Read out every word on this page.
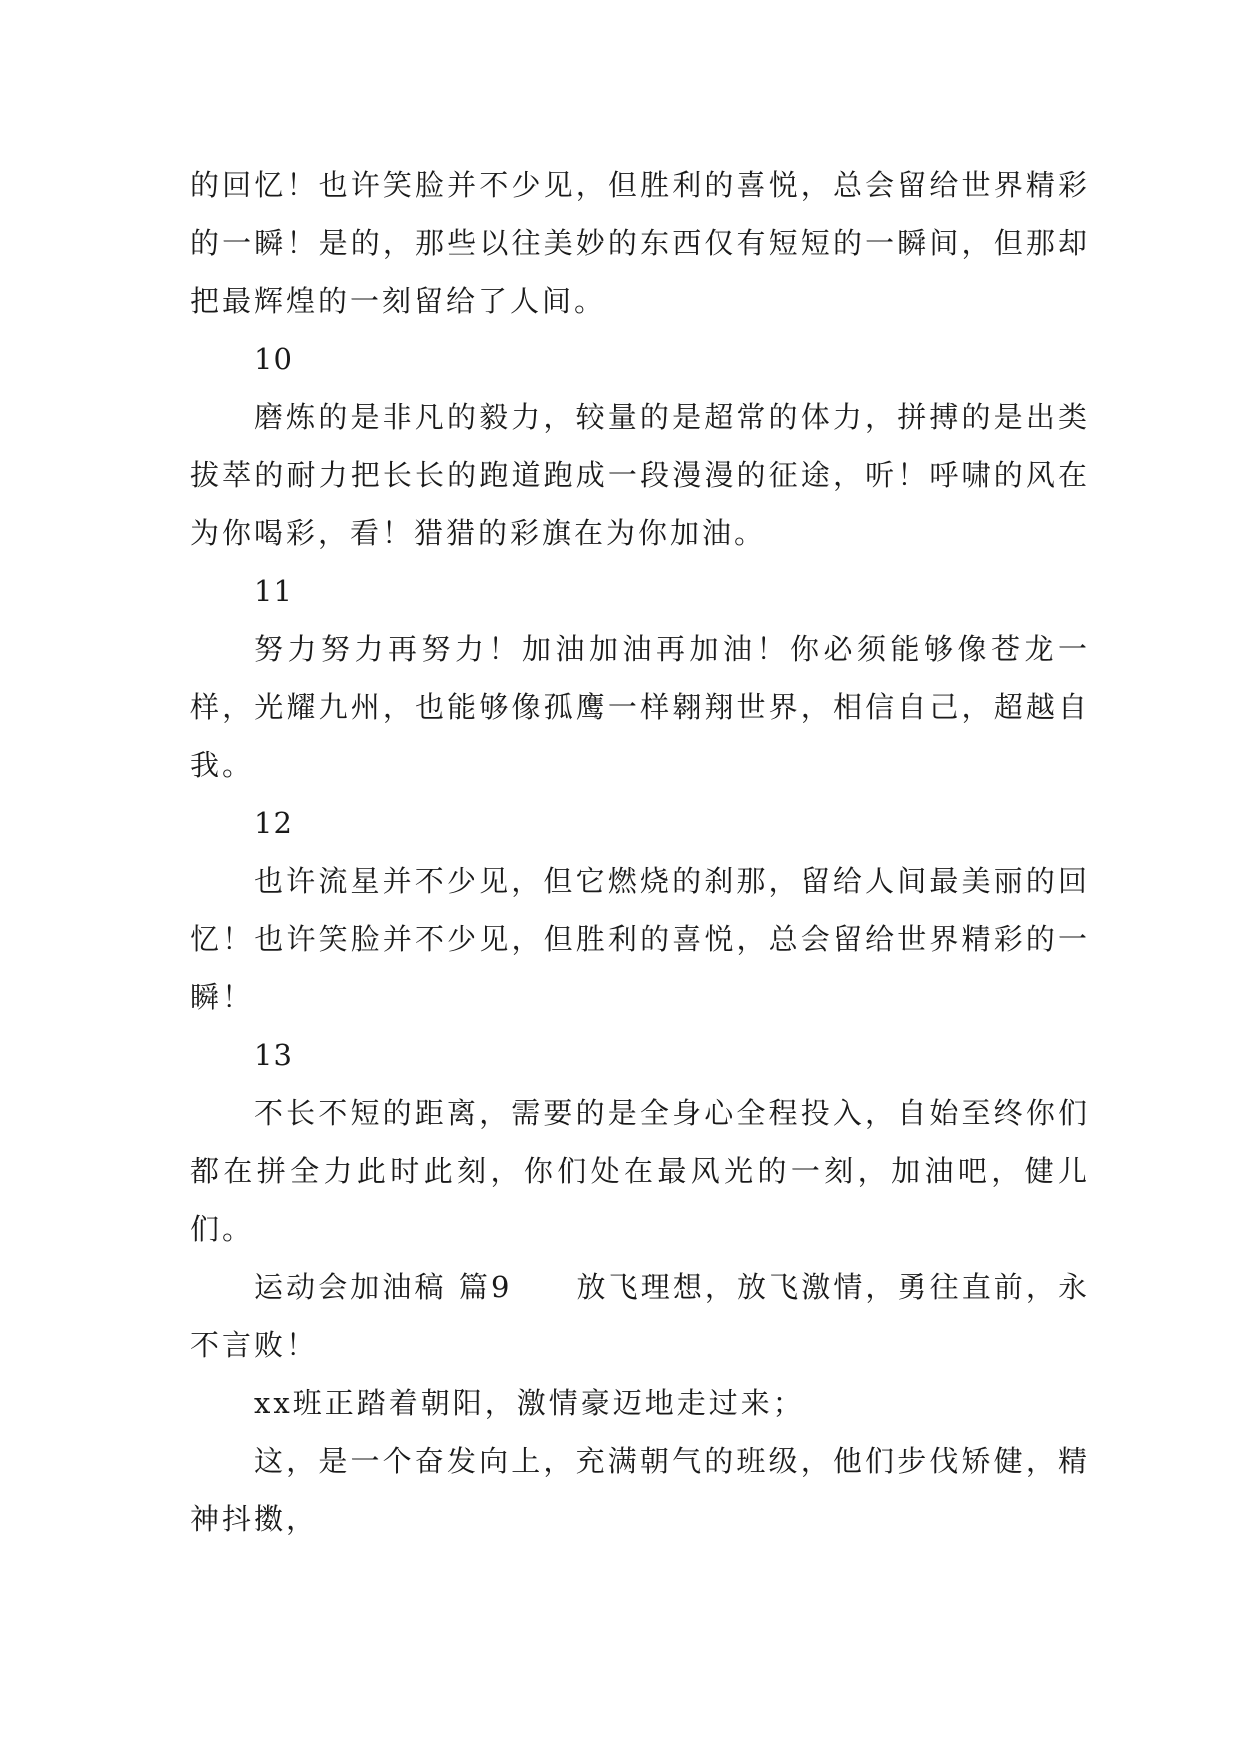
的回忆！也许笑脸并不少见，但胜利的喜悦，总会留给世界精彩的一瞬！是的，那些以往美妙的东西仅有短短的一瞬间，但那却把最辉煌的一刻留给了人间。

10

磨炼的是非凡的毅力，较量的是超常的体力，拼搏的是出类拔萃的耐力把长长的跑道跑成一段漫漫的征途，听！呼啸的风在为你喝彩，看！猎猎的彩旗在为你加油。

11

努力努力再努力！加油加油再加油！你必须能够像苍龙一样，光耀九州，也能够像孤鹰一样翱翔世界，相信自己，超越自我。

12

也许流星并不少见，但它燃烧的刹那，留给人间最美丽的回忆！也许笑脸并不少见，但胜利的喜悦，总会留给世界精彩的一瞬！

13

不长不短的距离，需要的是全身心全程投入，自始至终你们都在拼全力此时此刻，你们处在最风光的一刻，加油吧，健儿们。

运动会加油稿 篇9 放飞理想，放飞激情，勇往直前，永不言败！

xx班正踏着朝阳，激情豪迈地走过来；

这，是一个奋发向上，充满朝气的班级，他们步伐矫健，精神抖擞，
